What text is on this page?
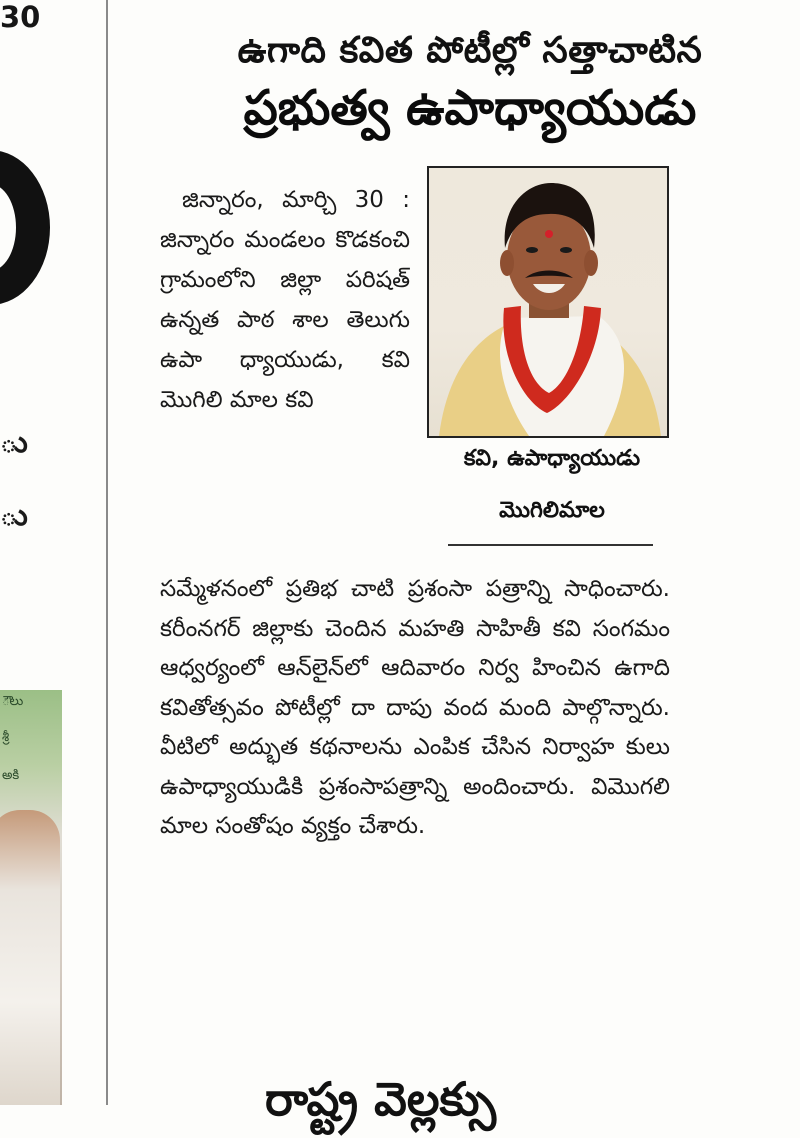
ు
ు
30
ౌలు
శ్రీ
అకి
ఉగాది కవిత పోటీల్లో సత్తాచాటిన
ప్రభుత్వ ఉపాధ్యాయుడు

జిన్నారం, మార్చి 30 : జిన్నారం మండలం కొడకంచి గ్రామంలోని జిల్లా పరిషత్ ఉన్నత పాఠ శాల తెలుగు ఉపా ధ్యాయుడు, కవి మొగిలి మాల కవి

కవి, ఉపాధ్యాయుడు
మొగిలిమాల

సమ్మేళనంలో ప్రతిభ చాటి ప్రశంసా పత్రాన్ని సాధించారు. కరీంనగర్ జిల్లాకు చెందిన మహతి సాహితీ కవి సంగమం ఆధ్వర్యంలో ఆన్‌లైన్‌లో ఆదివారం నిర్వ హించిన ఉగాది కవితోత్సవం పోటీల్లో దా దాపు వంద మంది పాల్గొన్నారు. వీటిలో అద్భుత కథనాలను ఎంపిక చేసిన నిర్వాహ కులు ఉపాధ్యాయుడికి ప్రశంసాపత్రాన్ని అందించారు. విమొగలి మాల సంతోషం వ్యక్తం చేశారు.

రాష్ట్ర వెల్లక్సు
